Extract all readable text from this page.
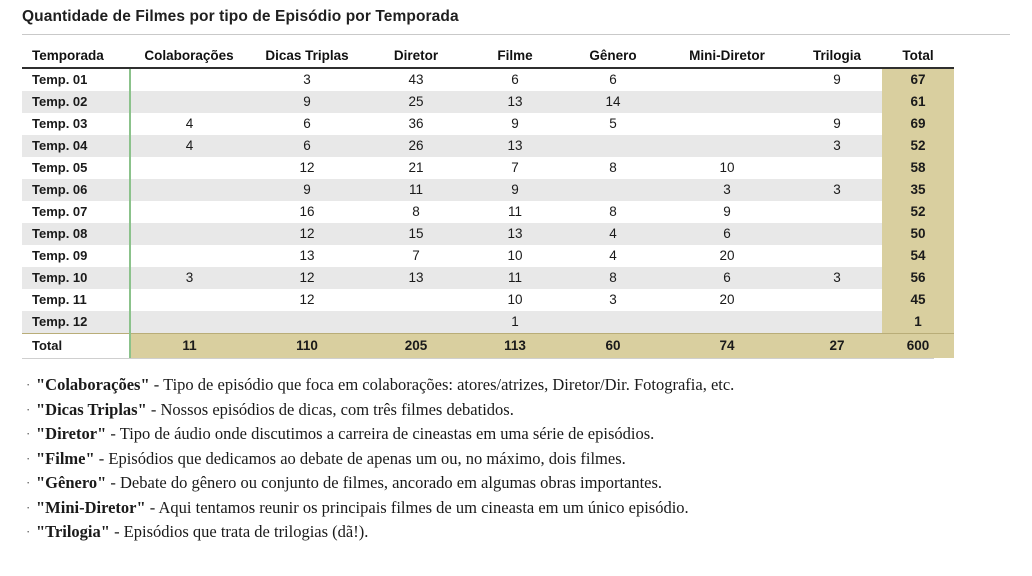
Quantidade de Filmes por tipo de Episódio por Temporada
Temporada	Colaborações	Dicas Triplas	Diretor	Filme	Gênero	Mini-Diretor	Trilogia	Total
Temp. 01		3	43	6	6		9	67
Temp. 02		9	25	13	14			61
Temp. 03	4	6	36	9	5		9	69
Temp. 04	4	6	26	13			3	52
Temp. 05		12	21	7	8	10		58
Temp. 06		9	11	9		3	3	35
Temp. 07		16	8	11	8	9		52
Temp. 08		12	15	13	4	6		50
Temp. 09		13	7	10	4	20		54
Temp. 10	3	12	13	11	8	6	3	56
Temp. 11		12		10	3	20		45
Temp. 12				1				1
Total	11	110	205	113	60	74	27	600
· "Colaborações" - Tipo de episódio que foca em colaborações: atores/atrizes, Diretor/Dir. Fotografia, etc.
· "Dicas Triplas" - Nossos episódios de dicas, com três filmes debatidos.
· "Diretor" - Tipo de áudio onde discutimos a carreira de cineastas em uma série de episódios.
· "Filme" - Episódios que dedicamos ao debate de apenas um ou, no máximo, dois filmes.
· "Gênero" - Debate do gênero ou conjunto de filmes, ancorado em algumas obras importantes.
· "Mini-Diretor" - Aqui tentamos reunir os principais filmes de um cineasta em um único episódio.
· "Trilogia" - Episódios que trata de trilogias (dã!).
